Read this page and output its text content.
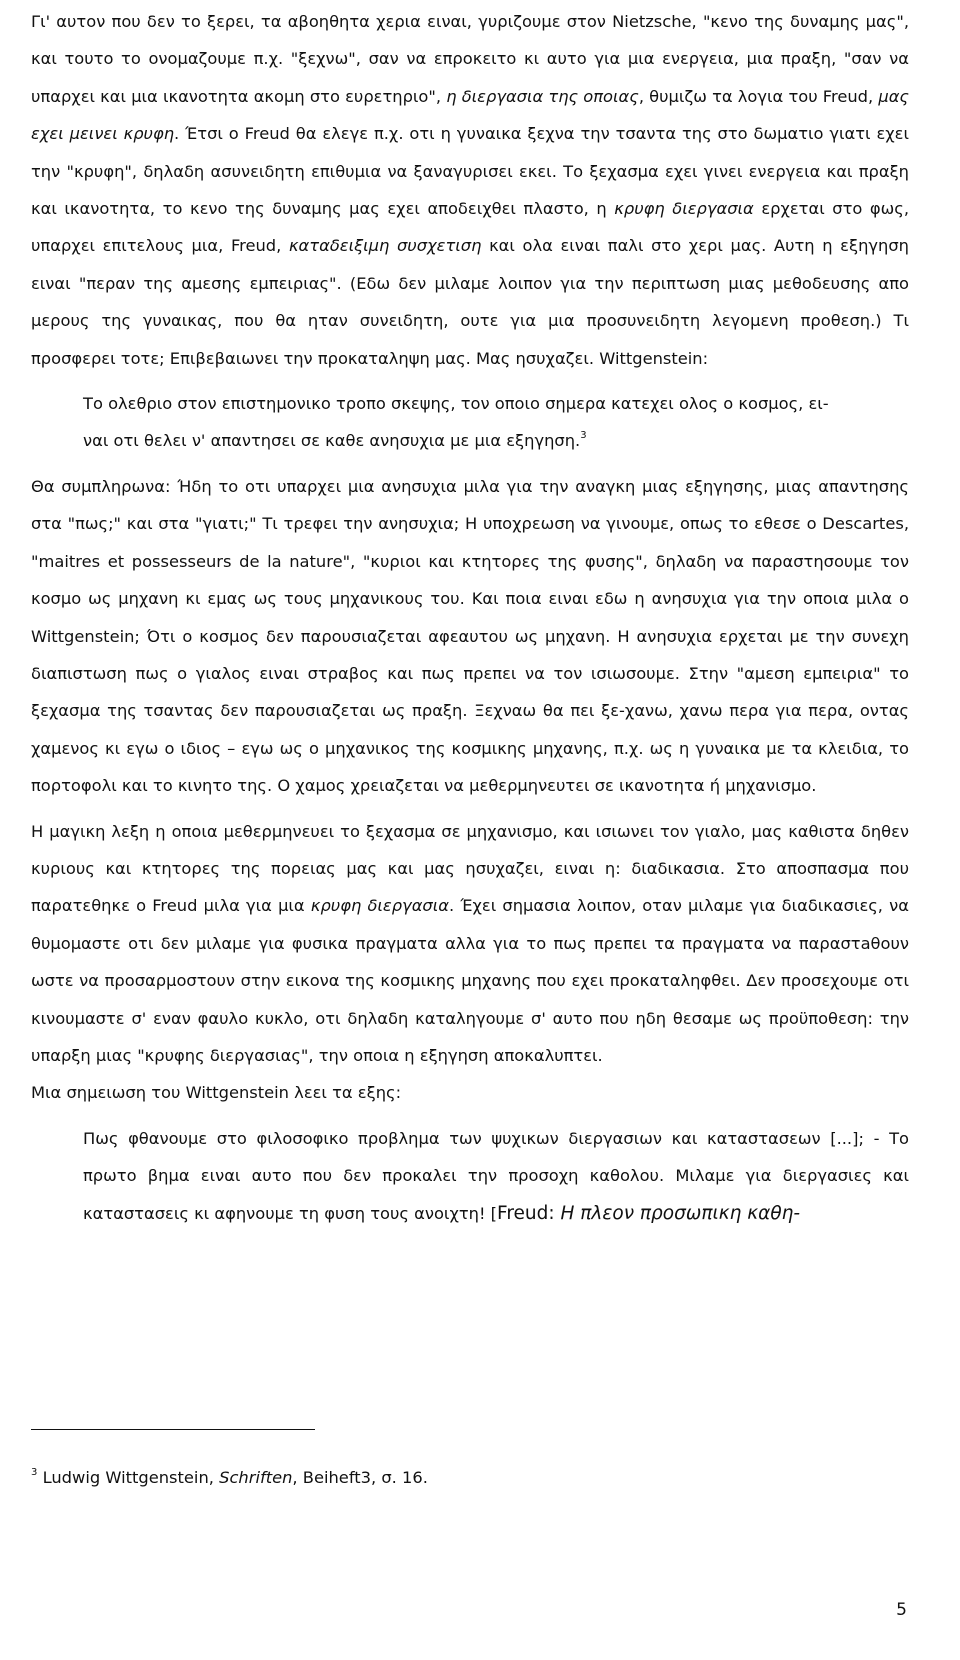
Γι' αυτον που δεν το ξερει, τα αβοηθητα χερια ειναι, γυριζουμε στον Nietzsche, "κενο της δυναμης μας", και τουτο το ονομαζουμε π.χ. "ξεχνω", σαν να επροκειτο κι αυτο για μια ενεργεια, μια πραξη, "σαν να υπαρχει και μια ικανοτητα ακομη στο ευρετηριο", η διεργασια της οποιας, θυμιζω τα λογια του Freud, μας εχει μεινει κρυφη. Έτσι ο Freud θα ελεγε π.χ. οτι η γυναικα ξεχνα την τσαντα της στο δωματιο γιατι εχει την "κρυφη", δηλαδη ασυνειδητη επιθυμια να ξαναγυρισει εκει. Το ξεχασμα εχει γινει ενεργεια και πραξη και ικανοτητα, το κενο της δυναμης μας εχει αποδειχθει πλαστο, η κρυφη διεργασια ερχεται στο φως, υπαρχει επιτελους μια, Freud, καταδειξιμη συσχετιση και ολα ειναι παλι στο χερι μας. Αυτη η εξηγηση ειναι "περαν της αμεσης εμπειριας". (Εδω δεν μιλαμε λοιπον για την περιπτωση μιας μεθοδευσης απο μερους της γυναικας, που θα ηταν συνειδητη, ουτε για μια προσυνειδητη λεγομενη προθεση.) Τι προσφερει τοτε; Επιβεβαιωνει την προκαταληψη μας. Μας ησυχαζει. Wittgenstein:

Το ολεθριο στον επιστημονικο τροπο σκεψης, τον οποιο σημερα κατεχει ολος ο κοσμος, ει-
ναι οτι θελει ν' απαντησει σε καθε ανησυχια με μια εξηγηση.$^3$

Θα συμπληρωνα: Ήδη το οτι υπαρχει μια ανησυχια μιλα για την αναγκη μιας εξηγησης, μιας απαντησης στα "πως;" και στα "γιατι;" Τι τρεφει την ανησυχια; Η υποχρεωση να γινουμε, οπως το εθεσε ο Descartes, "maitres et possesseurs de la nature", "κυριοι και κτητορες της φυσης", δηλαδη να παραστησουμε τον κοσμο ως μηχανη κι εμας ως τους μηχανικους του. Και ποια ειναι εδω η ανησυχια για την οποια μιλα ο Wittgenstein; Ότι ο κοσμος δεν παρουσιαζεται αφεαυτου ως μηχανη. Η ανησυχια ερχεται με την συνεχη διαπιστωση πως ο γιαλος ειναι στραβος και πως πρεπει να τον ισιωσουμε. Στην "αμεση εμπειρια" το ξεχασμα της τσαντας δεν παρουσιαζεται ως πραξη. Ξεχναω θα πει ξε-χανω, χανω περα για περα, οντας χαμενος κι εγω ο ιδιος – εγω ως ο μηχανικος της κοσμικης μηχανης, π.χ. ως η γυναικα με τα κλειδια, το πορτοφολι και το κινητο της. Ο χαμος χρειαζεται να μεθερμηνευτει σε ικανοτητα ή μηχανισμο.

Η μαγικη λεξη η οποια μεθερμηνευει το ξεχασμα σε μηχανισμο, και ισιωνει τον γιαλο, μας καθιστα δηθεν κυριους και κτητορες της πορειας μας και μας ησυχαζει, ειναι η: διαδικασια. Στο αποσπασμα που παρατεθηκε ο Freud μιλα για μια κρυφη διεργασια. Έχει σημασια λοιπον, οταν μιλαμε για διαδικασιες, να θυμομαστε οτι δεν μιλαμε για φυσικα πραγματα αλλα για το πως πρεπει τα πραγματα να παραστaθουν ωστε να προσαρμοστουν στην εικονα της κοσμικης μηχανης που εχει προκαταληφθει. Δεν προσεχουμε οτι κινουμαστε σ' εναν φαυλο κυκλο, οτι δηλαδη καταληγουμε σ' αυτο που ηδη θεσαμε ως προϋποθεση: την υπαρξη μιας "κρυφης διεργασιας", την οποια η εξηγηση αποκαλυπτει.

Μια σημειωση του Wittgenstein λεει τα εξης:

Πως φθανουμε στο φιλοσοφικο προβλημα των ψυχικων διεργασιων και καταστασεων [...]; - Το πρωτο βημα ειναι αυτο που δεν προκαλει την προσοχη καθολου. Μιλαμε για διεργασιες και καταστασεις κι αφηνουμε τη φυση τους ανοιχτη! [Freud: Η πλεον προσωπικη καθη-

$^3$ Ludwig Wittgenstein, Schriften, Beiheft3, σ. 16.
5
